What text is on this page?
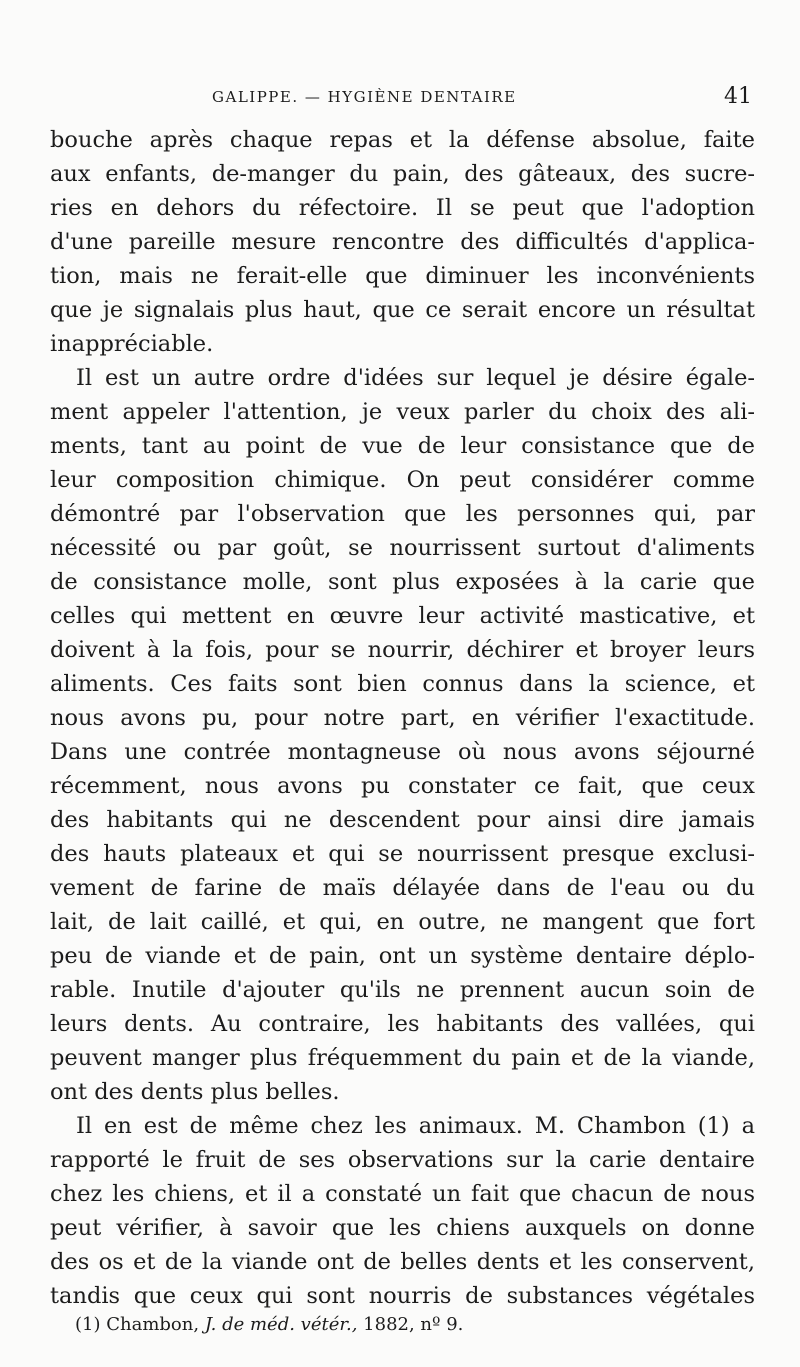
GALIPPE. — HYGIÈNE DENTAIRE	41
bouche après chaque repas et la défense absolue, faite
aux enfants, de-manger du pain, des gâteaux, des sucre-
ries en dehors du réfectoire. Il se peut que l'adoption
d'une pareille mesure rencontre des difficultés d'applica-
tion, mais ne ferait-elle que diminuer les inconvénients
que je signalais plus haut, que ce serait encore un résultat
inappréciable.
Il est un autre ordre d'idées sur lequel je désire égale-
ment appeler l'attention, je veux parler du choix des ali-
ments, tant au point de vue de leur consistance que de
leur composition chimique. On peut considérer comme
démontré par l'observation que les personnes qui, par
nécessité ou par goût, se nourrissent surtout d'aliments
de consistance molle, sont plus exposées à la carie que
celles qui mettent en œuvre leur activité masticative, et
doivent à la fois, pour se nourrir, déchirer et broyer leurs
aliments. Ces faits sont bien connus dans la science, et
nous avons pu, pour notre part, en vérifier l'exactitude.
Dans une contrée montagneuse où nous avons séjourné
récemment, nous avons pu constater ce fait, que ceux
des habitants qui ne descendent pour ainsi dire jamais
des hauts plateaux et qui se nourrissent presque exclusi-
vement de farine de maïs délayée dans de l'eau ou du
lait, de lait caillé, et qui, en outre, ne mangent que fort
peu de viande et de pain, ont un système dentaire déplo-
rable. Inutile d'ajouter qu'ils ne prennent aucun soin de
leurs dents. Au contraire, les habitants des vallées, qui
peuvent manger plus fréquemment du pain et de la viande,
ont des dents plus belles.
Il en est de même chez les animaux. M. Chambon (1) a
rapporté le fruit de ses observations sur la carie dentaire
chez les chiens, et il a constaté un fait que chacun de nous
peut vérifier, à savoir que les chiens auxquels on donne
des os et de la viande ont de belles dents et les conservent,
tandis que ceux qui sont nourris de substances végétales
(1) Chambon, J. de méd. vétér., 1882, nº 9.
